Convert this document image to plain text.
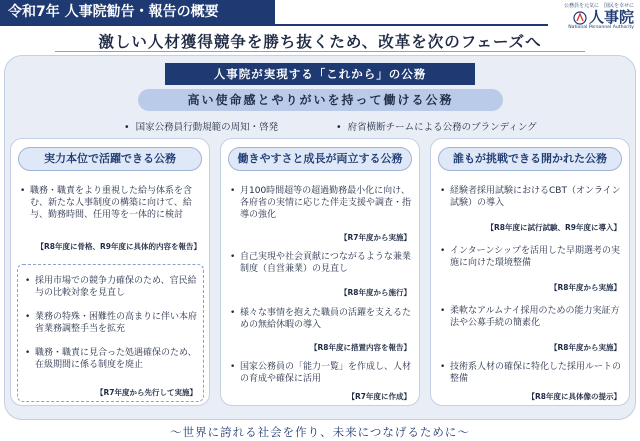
令和7年 人事院勧告・報告の概要	公務員を元気に　国民を幸せに
人事院
National Personnel Authority
激しい人材獲得競争を勝ち抜くため、改革を次のフェーズへ
人事院が実現する「これから」の公務
高い使命感とやりがいを持って働ける公務
• 国家公務員行動規範の周知・啓発	• 府省横断チームによる公務のブランディング
実力本位で活躍できる公務
• 職務・職責をより重視した給与体系を含む、新たな人事制度の構築に向けて、給与、勤務時間、任用等を一体的に検討
【R8年度に骨格、R9年度に具体的内容を報告】
• 採用市場での競争力確保のため、官民給与の比較対象を見直し
• 業務の特殊・困難性の高まりに伴い本府省業務調整手当を拡充
• 職務・職責に見合った処遇確保のため、在級期間に係る制度を廃止
【R7年度から先行して実施】
働きやすさと成長が両立する公務
• 月100時間超等の超過勤務最小化に向け、各府省の実情に応じた伴走支援や調査・指導の強化
【R7年度から実施】
• 自己実現や社会貢献につながるような兼業制度（自営兼業）の見直し
【R8年度から施行】
• 様々な事情を抱えた職員の活躍を支えるための無給休暇の導入
【R8年度に措置内容を報告】
• 国家公務員の「能力一覧」を作成し、人材の育成や確保に活用
【R7年度に作成】
誰もが挑戦できる開かれた公務
• 経験者採用試験におけるCBT（オンライン試験）の導入
【R8年度に試行試験、R9年度に導入】
• インターンシップを活用した早期選考の実施に向けた環境整備
【R8年度から実施】
• 柔軟なアルムナイ採用のための能力実証方法や公募手続の簡素化
【R8年度から実施】
• 技術系人材の確保に特化した採用ルートの整備
【R8年度に具体像の提示】
～世界に誇れる社会を作り、未来につなげるために～
